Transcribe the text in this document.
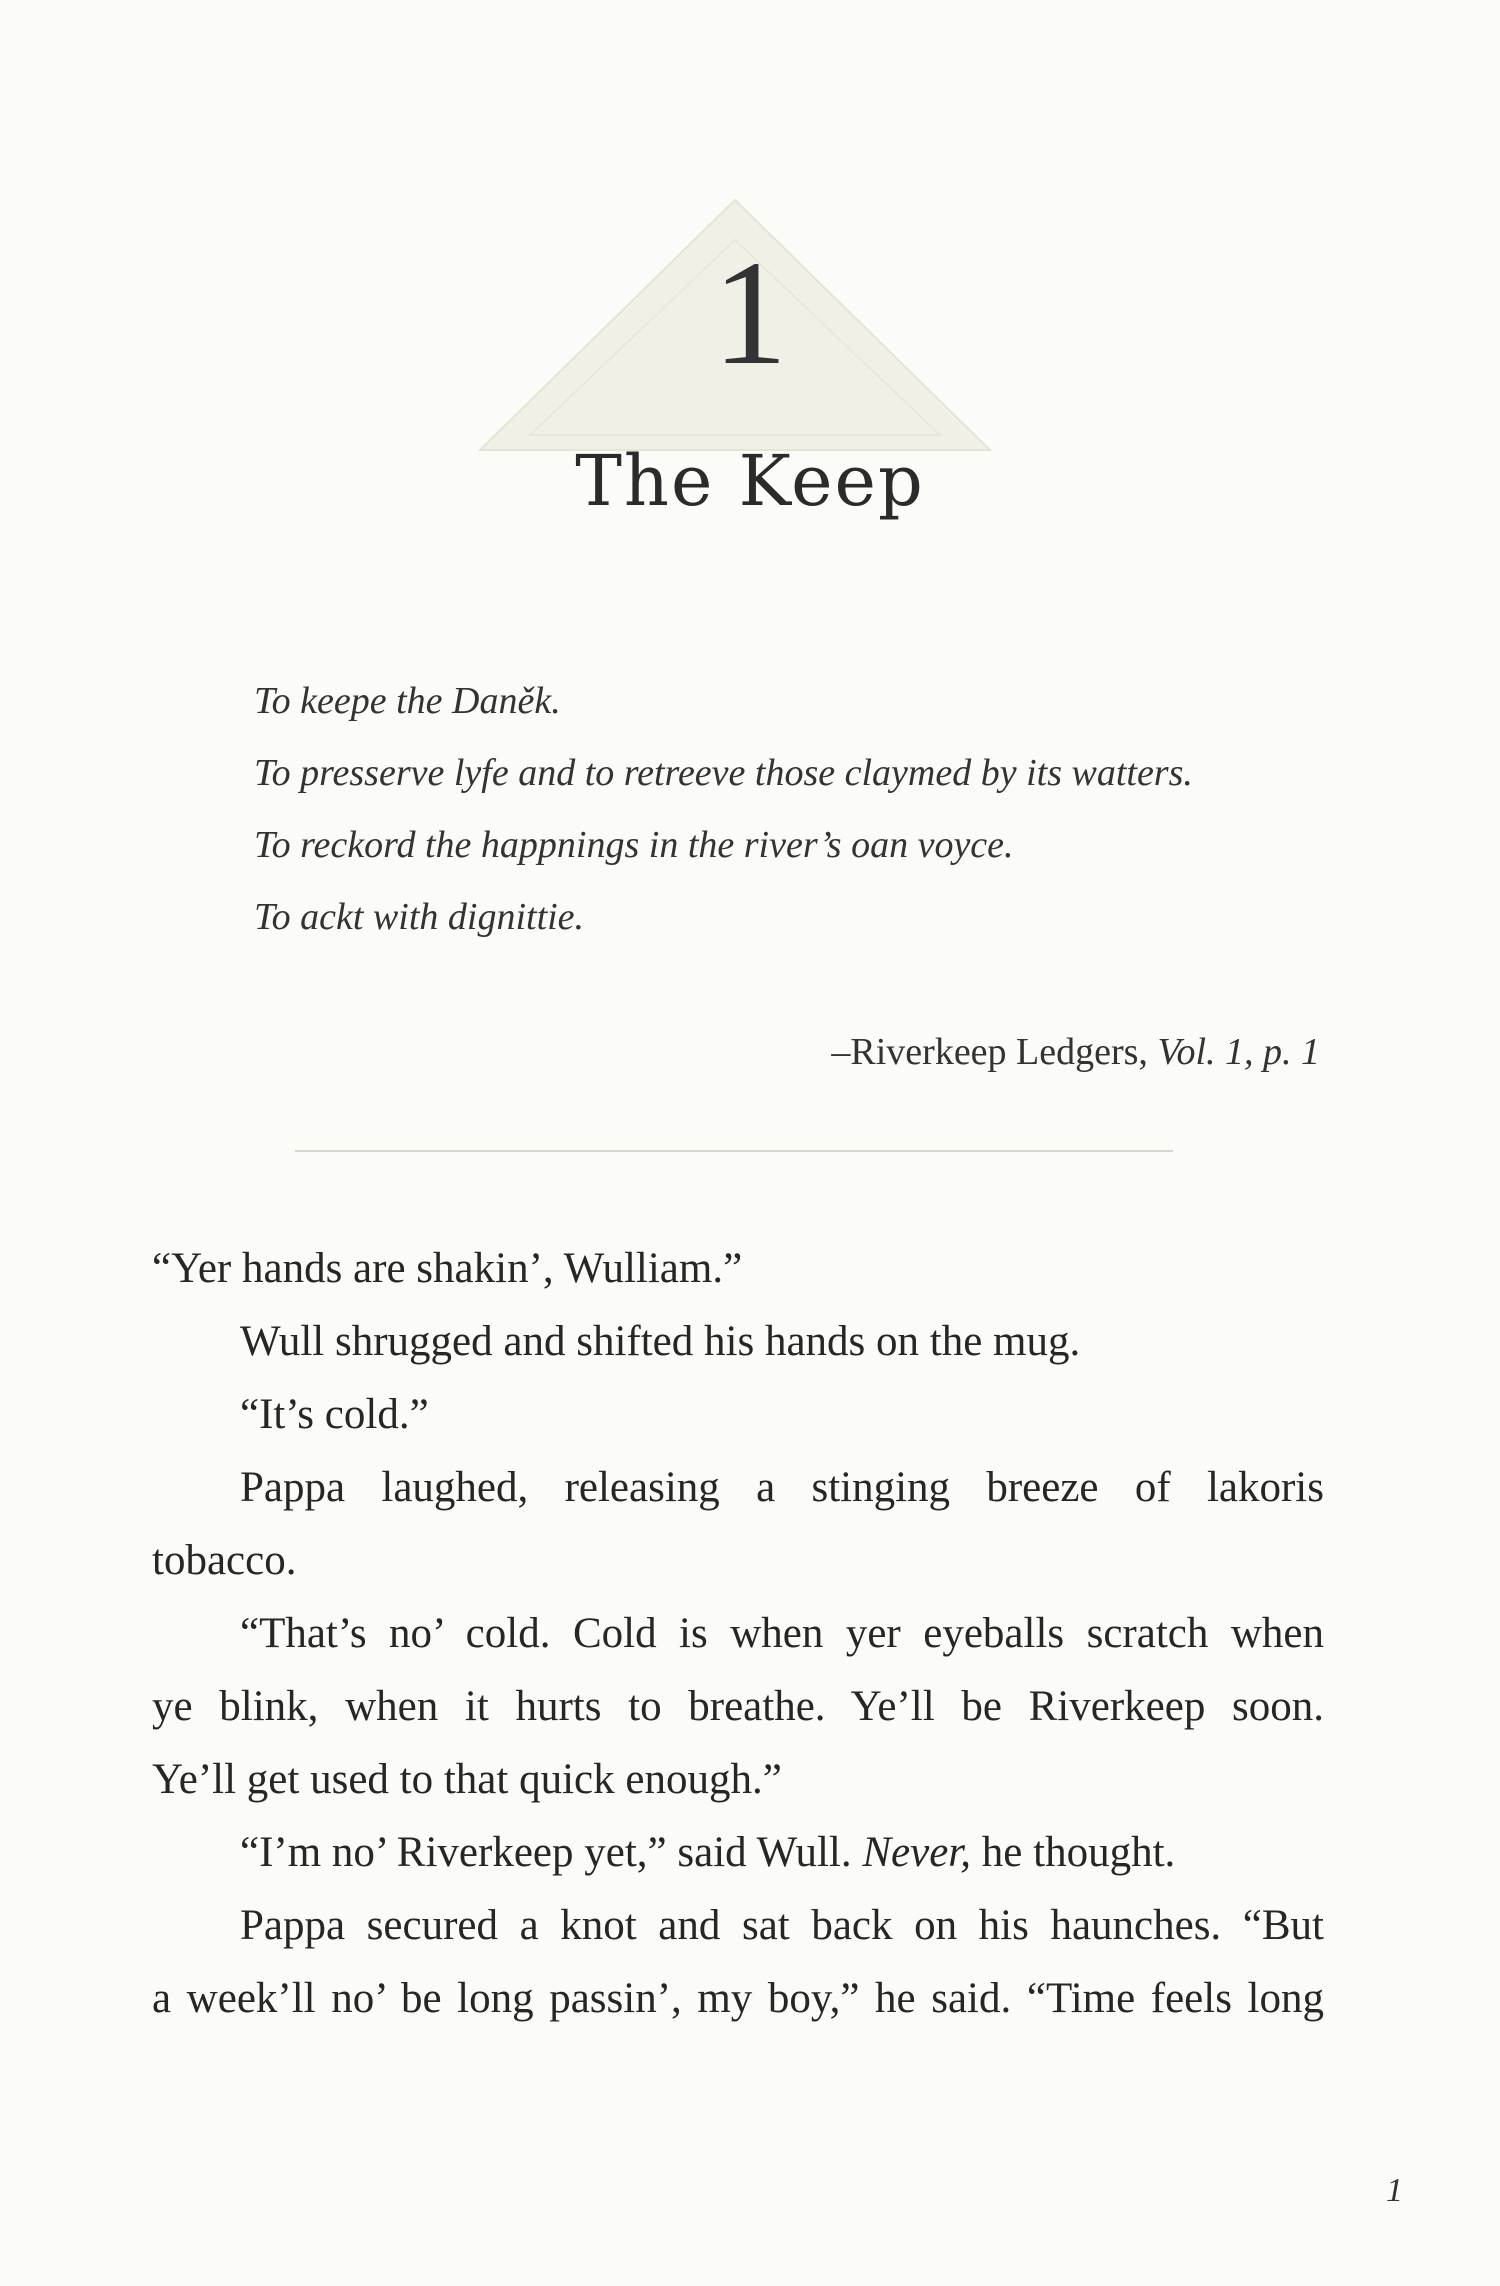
1
The Keep
To keepe the Daněk.
To presserve lyfe and to retreeve those claymed by its watters.
To reckord the happnings in the river’s oan voyce.
To ackt with dignittie.
–Riverkeep Ledgers, Vol. 1, p. 1
“Yer hands are shakin’, Wulliam.”
Wull shrugged and shifted his hands on the mug.
“It’s cold.”
Pappa laughed, releasing a stinging breeze of lakoris
tobacco.
“That’s no’ cold. Cold is when yer eyeballs scratch when
ye blink, when it hurts to breathe. Ye’ll be Riverkeep soon.
Ye’ll get used to that quick enough.”
“I’m no’ Riverkeep yet,” said Wull. Never, he thought.
Pappa secured a knot and sat back on his haunches. “But
a week’ll no’ be long passin’, my boy,” he said. “Time feels long
1
